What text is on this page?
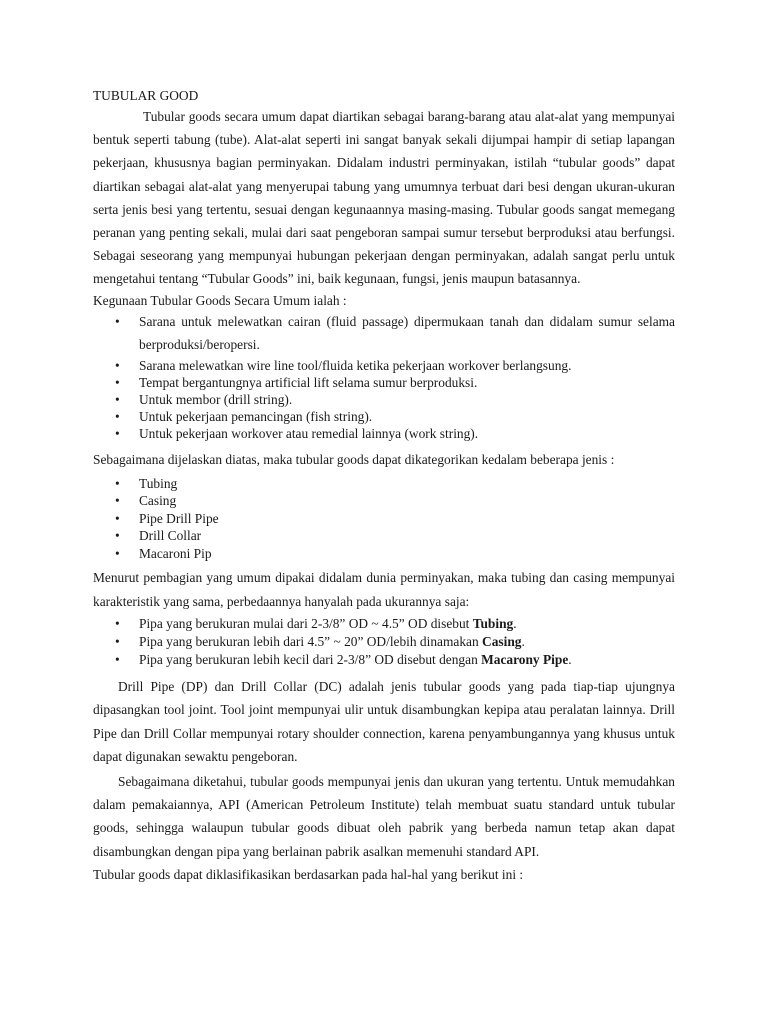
TUBULAR GOOD

Tubular goods secara umum dapat diartikan sebagai barang-barang atau alat-alat yang mempunyai bentuk seperti tabung (tube). Alat-alat seperti ini sangat banyak sekali dijumpai hampir di setiap lapangan pekerjaan, khususnya bagian perminyakan. Didalam industri perminyakan, istilah “tubular goods” dapat diartikan sebagai alat-alat yang menyerupai tabung yang umumnya terbuat dari besi dengan ukuran-ukuran serta jenis besi yang tertentu, sesuai dengan kegunaannya masing-masing. Tubular goods sangat memegang peranan yang penting sekali, mulai dari saat pengeboran sampai sumur tersebut berproduksi atau berfungsi. Sebagai seseorang yang mempunyai hubungan pekerjaan dengan perminyakan, adalah sangat perlu untuk mengetahui tentang “Tubular Goods” ini, baik kegunaan, fungsi, jenis maupun batasannya.

Kegunaan Tubular Goods Secara Umum ialah :

• Sarana untuk melewatkan cairan (fluid passage) dipermukaan tanah dan didalam sumur selama berproduksi/beropersi.
• Sarana melewatkan wire line tool/fluida ketika pekerjaan workover berlangsung.
• Tempat bergantungnya artificial lift selama sumur berproduksi.
• Untuk membor (drill string).
• Untuk pekerjaan pemancingan (fish string).
• Untuk pekerjaan workover atau remedial lainnya (work string).

Sebagaimana dijelaskan diatas, maka tubular goods dapat dikategorikan kedalam beberapa jenis :

• Tubing
• Casing
• Pipe Drill Pipe
• Drill Collar
• Macaroni Pip

Menurut pembagian yang umum dipakai didalam dunia perminyakan, maka tubing dan casing mempunyai karakteristik yang sama, perbedaannya hanyalah pada ukurannya saja:

• Pipa yang berukuran mulai dari 2-3/8” OD ~ 4.5” OD disebut Tubing.
• Pipa yang berukuran lebih dari 4.5” ~ 20” OD/lebih dinamakan Casing.
• Pipa yang berukuran lebih kecil dari 2-3/8” OD disebut dengan Macarony Pipe.

Drill Pipe (DP) dan Drill Collar (DC) adalah jenis tubular goods yang pada tiap-tiap ujungnya dipasangkan tool joint. Tool joint mempunyai ulir untuk disambungkan kepipa atau peralatan lainnya. Drill Pipe dan Drill Collar mempunyai rotary shoulder connection, karena penyambungannya yang khusus untuk dapat digunakan sewaktu pengeboran.

Sebagaimana diketahui, tubular goods mempunyai jenis dan ukuran yang tertentu. Untuk memudahkan dalam pemakaiannya, API (American Petroleum Institute) telah membuat suatu standard untuk tubular goods, sehingga walaupun tubular goods dibuat oleh pabrik yang berbeda namun tetap akan dapat disambungkan dengan pipa yang berlainan pabrik asalkan memenuhi standard API.

Tubular goods dapat diklasifikasikan berdasarkan pada hal-hal yang berikut ini :
